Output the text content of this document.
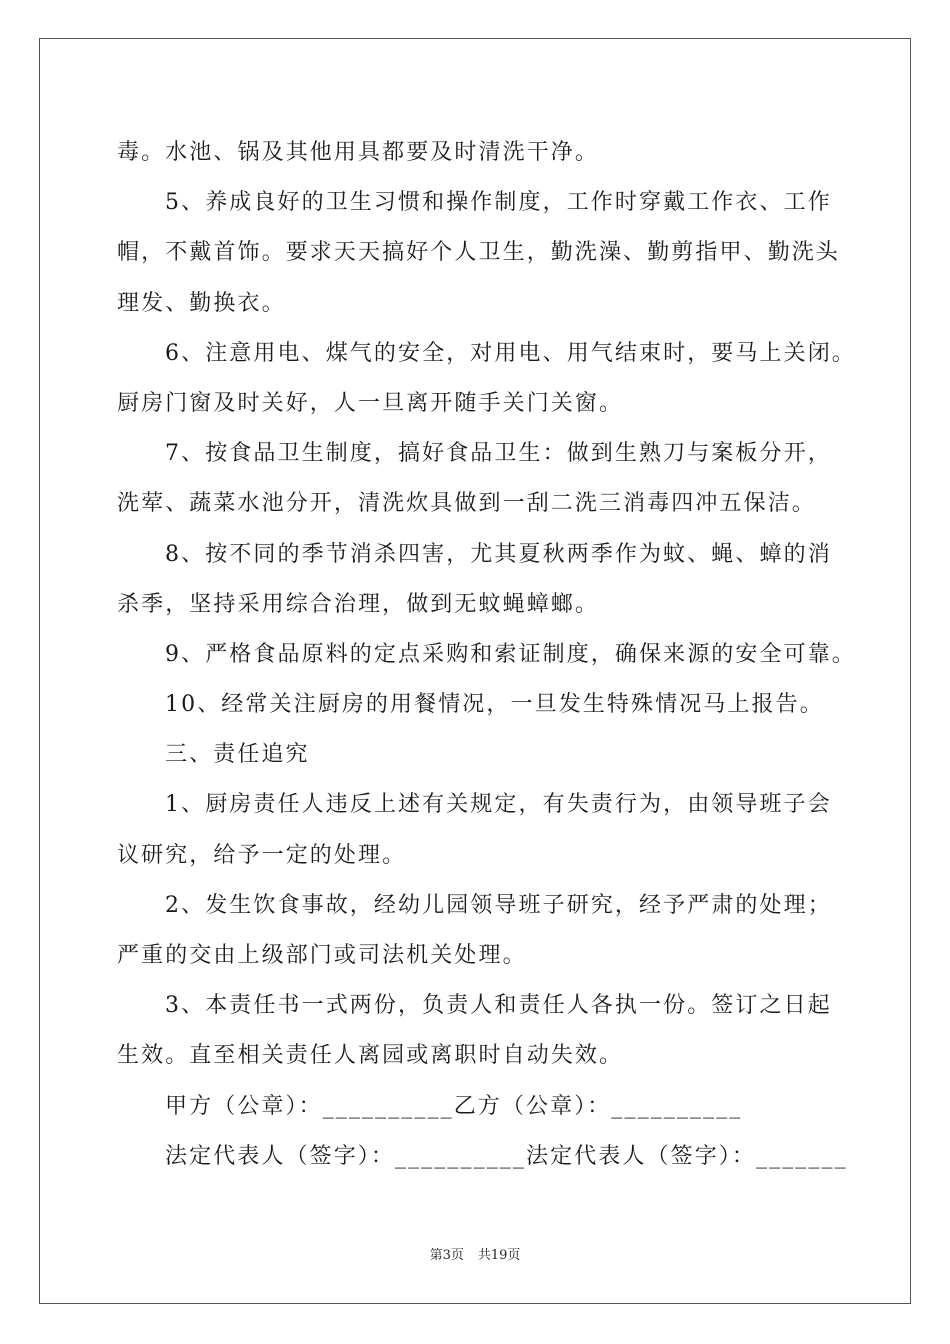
毒。水池、锅及其他用具都要及时清洗干净。
5、养成良好的卫生习惯和操作制度，工作时穿戴工作衣、工作
帽，不戴首饰。要求天天搞好个人卫生，勤洗澡、勤剪指甲、勤洗头
理发、勤换衣。
6、注意用电、煤气的安全，对用电、用气结束时，要马上关闭。
厨房门窗及时关好，人一旦离开随手关门关窗。
7、按食品卫生制度，搞好食品卫生：做到生熟刀与案板分开，
洗荤、蔬菜水池分开，清洗炊具做到一刮二洗三消毒四冲五保洁。
8、按不同的季节消杀四害，尤其夏秋两季作为蚊、蝇、蟑的消
杀季，坚持采用综合治理，做到无蚊蝇蟑螂。
9、严格食品原料的定点采购和索证制度，确保来源的安全可靠。
10、经常关注厨房的用餐情况，一旦发生特殊情况马上报告。
三、责任追究
1、厨房责任人违反上述有关规定，有失责行为，由领导班子会
议研究，给予一定的处理。
2、发生饮食事故，经幼儿园领导班子研究，经予严肃的处理；
严重的交由上级部门或司法机关处理。
3、本责任书一式两份，负责人和责任人各执一份。签订之日起
生效。直至相关责任人离园或离职时自动失效。
甲方（公章）：__________乙方（公章）：__________
法定代表人（签字）：__________法定代表人（签字）：_______
第3页 共19页
